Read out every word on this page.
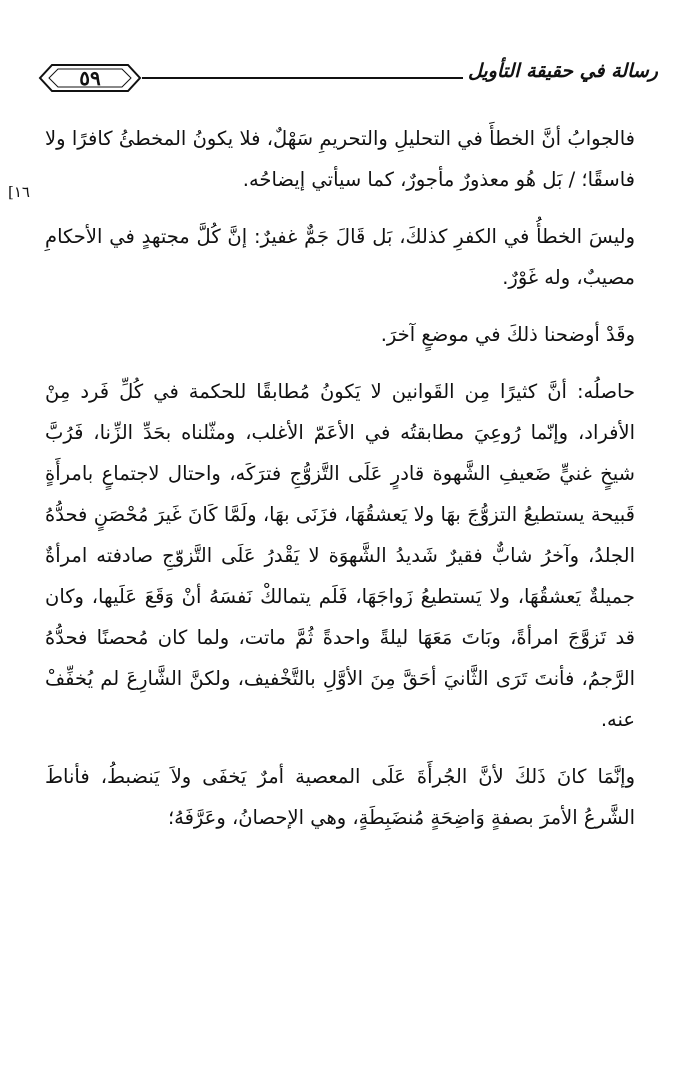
رسالة في حقيقة التأويل
٥٩
[١٦

فالجوابُ أنَّ الخطأَ في التحليلِ والتحريمِ سَهْلٌ، فلا يكونُ المخطئُ كافرًا ولا فاسقًا؛ / بَل هُو معذورٌ مأجورٌ، كما سيأتي إيضاحُه.

وليسَ الخطأُ في الكفرِ كذلكَ، بَل قَالَ جَمٌّ غفيرٌ: إنَّ كُلَّ مجتهدٍ في الأحكامِ مصيبٌ، وله غَوْرٌ.

وقَدْ أوضحنا ذلكَ في موضعٍ آخرَ.

حاصلُه: أنَّ كثيرًا مِن القَوانين لا يَكونُ مُطابقًا للحكمة في كُلِّ فَرد مِنْ الأفراد، وإنّما رُوعِيَ مطابقتُه في الأعَمّ الأغلب، ومثّلناه بحَدِّ الزِّنا، فَرُبَّ شيخٍ غنيٍّ ضَعيفِ الشَّهوة قادرٍ عَلَى التَّزوُّجِ فترَكَه، واحتال لاجتماعٍ بامرأَةٍ قَبيحة يستطيعُ التزوُّجَ بهَا ولا يَعشقُهَا، فزَنَى بهَا، ولَمَّا كَانَ غَيرَ مُحْصَنٍ فحدُّهُ الجلدُ، وآخرُ شابٌّ فقيرٌ شَديدُ الشَّهوَة لا يَقْدرُ عَلَى التَّزوّجِ صادفته امرأةٌ جميلةٌ يَعشقُهَا، ولا يَستطيعُ زَواجَهَا، فَلَم يتمالكْ نَفسَهُ أنْ وَقَعَ عَلَيها، وكان قد تَزوَّجَ امرأةً، وبَاتَ مَعَهَا ليلةً واحدةً ثُمَّ ماتت، ولما كان مُحصنًا فحدُّهُ الرَّجمُ، فأنتَ تَرَى الثَّانيَ أحَقَّ مِنَ الأوَّلِ بالتَّخْفيف، ولكنَّ الشَّارِعَ لم يُخفِّفْ عنه.

وإنَّمَا كانَ ذَلكَ لأنَّ الجُرأَةَ عَلَى المعصية أمرٌ يَخفَى ولاَ يَنضبطُ، فأناطَ الشَّرعُ الأمرَ بصفةٍ وَاضِحَةٍ مُنضَبِطَةٍ، وهي الإحصانُ، وعَرَّفَهُ؛
